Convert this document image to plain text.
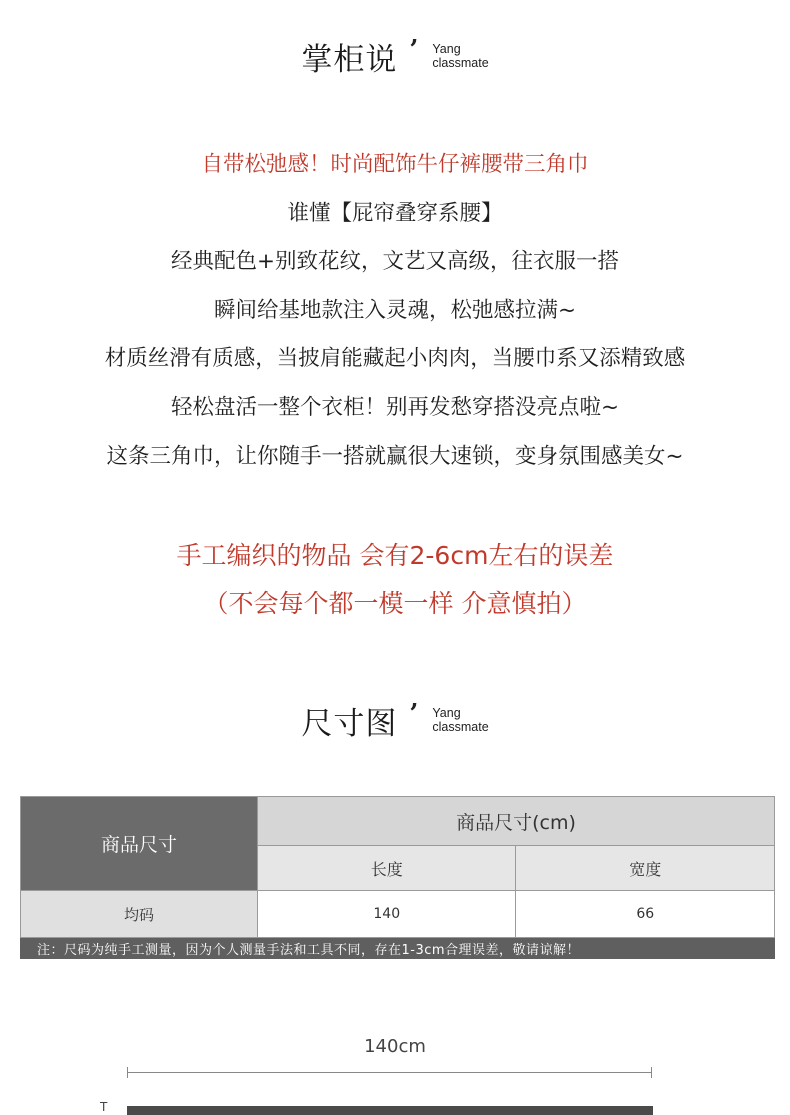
掌柜说 ’ Yang
classmate
自带松弛感！时尚配饰牛仔裤腰带三角巾
谁懂【屁帘叠穿系腰】
经典配色+别致花纹，文艺又高级，往衣服一搭
瞬间给基地款注入灵魂，松弛感拉满~
材质丝滑有质感，当披肩能藏起小肉肉，当腰巾系又添精致感
轻松盘活一整个衣柜！别再发愁穿搭没亮点啦~
这条三角巾，让你随手一搭就赢很大速锁，变身氛围感美女~
手工编织的物品 会有2-6cm左右的误差
（不会每个都一模一样 介意慎拍）
尺寸图 ’ Yang
classmate
商品尺寸	商品尺寸(cm)	
	长度	宽度
均码	140	66
注：尺码为纯手工测量，因为个人测量手法和工具不同，存在1-3cm合理误差，敬请谅解！		
140cm
T
